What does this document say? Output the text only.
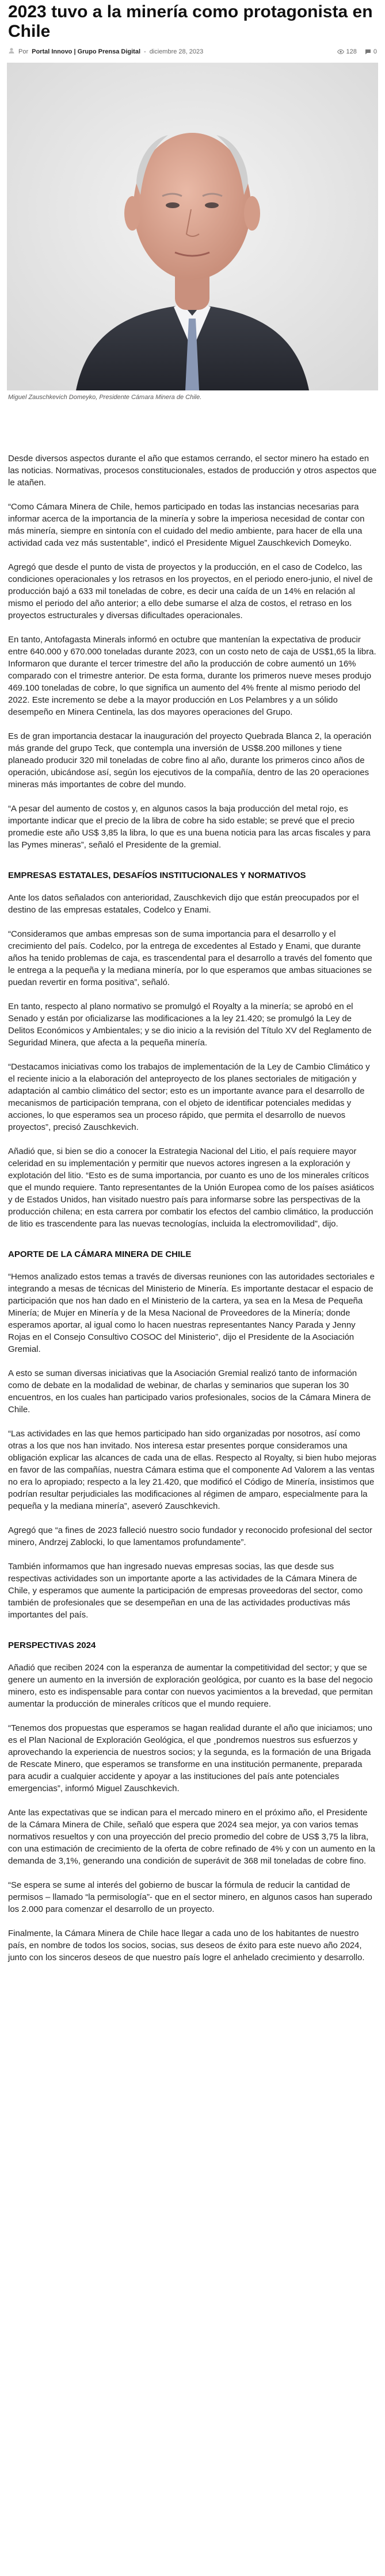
2023 tuvo a la minería como protagonista en Chile
Por Portal Innovo | Grupo Prensa Digital - diciembre 28, 2023	128	0

Miguel Zauschkevich Domeyko, Presidente Cámara Minera de Chile.

Desde diversos aspectos durante el año que estamos cerrando, el sector minero ha estado en las noticias. Normativas, procesos constitucionales, estados de producción y otros aspectos que le atañen.

“Como Cámara Minera de Chile, hemos participado en todas las instancias necesarias para informar acerca de la importancia de la minería y sobre la imperiosa necesidad de contar con más minería, siempre en sintonía con el cuidado del medio ambiente, para hacer de ella una actividad cada vez más sustentable”, indicó el Presidente Miguel Zauschkevich Domeyko.

Agregó que desde el punto de vista de proyectos y la producción, en el caso de Codelco, las condiciones operacionales y los retrasos en los proyectos, en el periodo enero-junio, el nivel de producción bajó a 633 mil toneladas de cobre, es decir una caída de un 14% en relación al mismo el periodo del año anterior; a ello debe sumarse el alza de costos, el retraso en los proyectos estructurales y diversas dificultades operacionales.

En tanto, Antofagasta Minerals informó en octubre que mantenían la expectativa de producir entre 640.000 y 670.000 toneladas durante 2023, con un costo neto de caja de US$1,65 la libra. Informaron que durante el tercer trimestre del año la producción de cobre aumentó un 16% comparado con el trimestre anterior. De esta forma, durante los primeros nueve meses produjo 469.100 toneladas de cobre, lo que significa un aumento del 4% frente al mismo periodo del 2022. Este incremento se debe a la mayor producción en Los Pelambres y a un sólido desempeño en Minera Centinela, las dos mayores operaciones del Grupo.

Es de gran importancia destacar la inauguración del proyecto Quebrada Blanca 2, la operación más grande del grupo Teck, que contempla una inversión de US$8.200 millones y tiene planeado producir 320 mil toneladas de cobre fino al año, durante los primeros cinco años de operación, ubicándose así, según los ejecutivos de la compañía, dentro de las 20 operaciones mineras más importantes de cobre del mundo.

“A pesar del aumento de costos y, en algunos casos la baja producción del metal rojo, es importante indicar que el precio de la libra de cobre ha sido estable; se prevé que el precio promedie este año US$ 3,85 la libra, lo que es una buena noticia para las arcas fiscales y para las Pymes mineras”, señaló el Presidente de la gremial.

EMPRESAS ESTATALES, DESAFÍOS INSTITUCIONALES Y NORMATIVOS

Ante los datos señalados con anterioridad, Zauschkevich dijo que están preocupados por el destino de las empresas estatales, Codelco y Enami.

“Consideramos que ambas empresas son de suma importancia para el desarrollo y el crecimiento del país. Codelco, por la entrega de excedentes al Estado y Enami, que durante años ha tenido problemas de caja, es trascendental para el desarrollo a través del fomento que le entrega a la pequeña y la mediana minería, por lo que esperamos que ambas situaciones se puedan revertir en forma positiva”, señaló.

En tanto, respecto al plano normativo se promulgó el Royalty a la minería; se aprobó en el Senado y están por oficializarse las modificaciones a la ley 21.420; se promulgó la Ley de Delitos Económicos y Ambientales; y se dio inicio a la revisión del Título XV del Reglamento de Seguridad Minera, que afecta a la pequeña minería.

“Destacamos iniciativas como los trabajos de implementación de la Ley de Cambio Climático y el reciente inicio a la elaboración del anteproyecto de los planes sectoriales de mitigación y adaptación al cambio climático del sector; esto es un importante avance para el desarrollo de mecanismos de participación temprana, con el objeto de identificar potenciales medidas y acciones, lo que esperamos sea un proceso rápido, que permita el desarrollo de nuevos proyectos”, precisó Zauschkevich.

Añadió que, si bien se dio a conocer la Estrategia Nacional del Litio, el país requiere mayor celeridad en su implementación y permitir que nuevos actores ingresen a la exploración y explotación del litio. “Esto es de suma importancia, por cuanto es uno de los minerales críticos que el mundo requiere. Tanto representantes de la Unión Europea como de los países asiáticos y de Estados Unidos, han visitado nuestro país para informarse sobre las perspectivas de la producción chilena; en esta carrera por combatir los efectos del cambio climático, la producción de litio es trascendente para las nuevas tecnologías, incluida la electromovilidad”, dijo.

APORTE DE LA CÁMARA MINERA DE CHILE

“Hemos analizado estos temas a través de diversas reuniones con las autoridades sectoriales e integrando a mesas de técnicas del Ministerio de Minería. Es importante destacar el espacio de participación que nos han dado en el Ministerio de la cartera, ya sea en la Mesa de Pequeña Minería; de Mujer en Minería y de la Mesa Nacional de Proveedores de la Minería; donde esperamos aportar, al igual como lo hacen nuestras representantes Nancy Parada y Jenny Rojas en el Consejo Consultivo COSOC del Ministerio”, dijo el Presidente de la Asociación Gremial.

A esto se suman diversas iniciativas que la Asociación Gremial realizó tanto de información como de debate en la modalidad de webinar, de charlas y seminarios que superan los 30 encuentros, en los cuales han participado varios profesionales, socios de la Cámara Minera de Chile.

“Las actividades en las que hemos participado han sido organizadas por nosotros, así como otras a los que nos han invitado. Nos interesa estar presentes porque consideramos una obligación explicar las alcances de cada una de ellas. Respecto al Royalty, si bien hubo mejoras en favor de las compañías, nuestra Cámara estima que el componente Ad Valorem a las ventas no era lo apropiado; respecto a la ley 21.420, que modificó el Código de Minería, insistimos que podrían resultar perjudiciales las modificaciones al régimen de amparo, especialmente para la pequeña y la mediana minería”, aseveró Zauschkevich.

Agregó que “a fines de 2023 falleció nuestro socio fundador y reconocido profesional del sector minero, Andrzej Zablocki, lo que lamentamos profundamente”.

También informamos que han ingresado nuevas empresas socias, las que desde sus respectivas actividades son un importante aporte a las actividades de la Cámara Minera de Chile, y esperamos que aumente la participación de empresas proveedoras del sector, como también de profesionales que se desempeñan en una de las actividades productivas más importantes del país.

PERSPECTIVAS 2024

Añadió que reciben 2024 con la esperanza de aumentar la competitividad del sector; y que se genere un aumento en la inversión de exploración geológica, por cuanto es la base del negocio minero, esto es indispensable para contar con nuevos yacimientos a la brevedad, que permitan aumentar la producción de minerales críticos que el mundo requiere.

“Tenemos dos propuestas que esperamos se hagan realidad durante el año que iniciamos; uno es el Plan Nacional de Exploración Geológica, el que ¸pondremos nuestros sus esfuerzos y aprovechando la experiencia de nuestros socios; y la segunda, es la formación de una Brigada de Rescate Minero, que esperamos se transforme en una institución permanente, preparada para acudir a cualquier accidente y apoyar a las instituciones del país ante potenciales emergencias”, informó Miguel Zauschkevich.

Ante las expectativas que se indican para el mercado minero en el próximo año, el Presidente de la Cámara Minera de Chile, señaló que espera que 2024 sea mejor, ya con varios temas normativos resueltos y con una proyección del precio promedio del cobre de US$ 3,75 la libra, con una estimación de crecimiento de la oferta de cobre refinado de 4% y con un aumento en la demanda de 3,1%, generando una condición de superávit de 368 mil toneladas de cobre fino.

“Se espera se sume al interés del gobierno de buscar la fórmula de reducir la cantidad de permisos – llamado “la permisología”- que en el sector minero, en algunos casos han superado los 2.000 para comenzar el desarrollo de un proyecto.

Finalmente, la Cámara Minera de Chile hace llegar a cada uno de los habitantes de nuestro país, en nombre de todos los socios, socias, sus deseos de éxito para este nuevo año 2024, junto con los sinceros deseos de que nuestro país logre el anhelado crecimiento y desarrollo.
